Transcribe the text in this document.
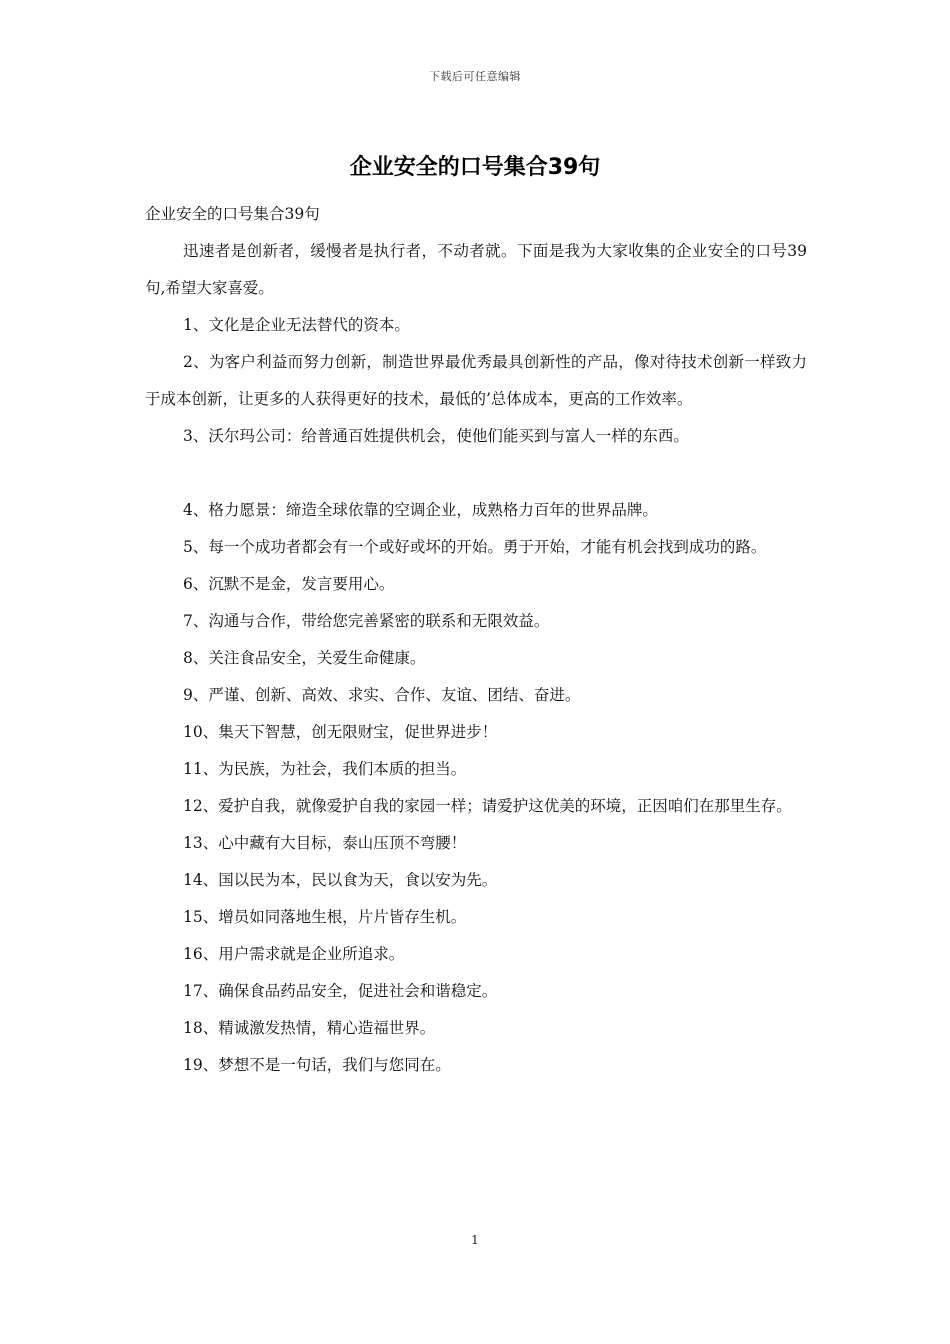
下载后可任意编辑
企业安全的口号集合39句

企业安全的口号集合39句

迅速者是创新者，缓慢者是执行者，不动者就。下面是我为大家收集的企业安全的口号39句,希望大家喜爱。

1、文化是企业无法替代的资本。

2、为客户利益而努力创新，制造世界最优秀最具创新性的产品，像对待技术创新一样致力于成本创新，让更多的人获得更好的技术，最低的’总体成本，更高的工作效率。

3、沃尔玛公司：给普通百姓提供机会，使他们能买到与富人一样的东西。

4、格力愿景：缔造全球依靠的空调企业，成熟格力百年的世界品牌。

5、每一个成功者都会有一个或好或坏的开始。勇于开始，才能有机会找到成功的路。

6、沉默不是金，发言要用心。

7、沟通与合作，带给您完善紧密的联系和无限效益。

8、关注食品安全，关爱生命健康。

9、严谨、创新、高效、求实、合作、友谊、团结、奋进。

10、集天下智慧，创无限财宝，促世界进步！

11、为民族，为社会，我们本质的担当。

12、爱护自我，就像爱护自我的家园一样；请爱护这优美的环境，正因咱们在那里生存。

13、心中藏有大目标，泰山压顶不弯腰！

14、国以民为本，民以食为天，食以安为先。

15、增员如同落地生根，片片皆存生机。

16、用户需求就是企业所追求。

17、确保食品药品安全，促进社会和谐稳定。

18、精诚激发热情，精心造福世界。

19、梦想不是一句话，我们与您同在。

1
